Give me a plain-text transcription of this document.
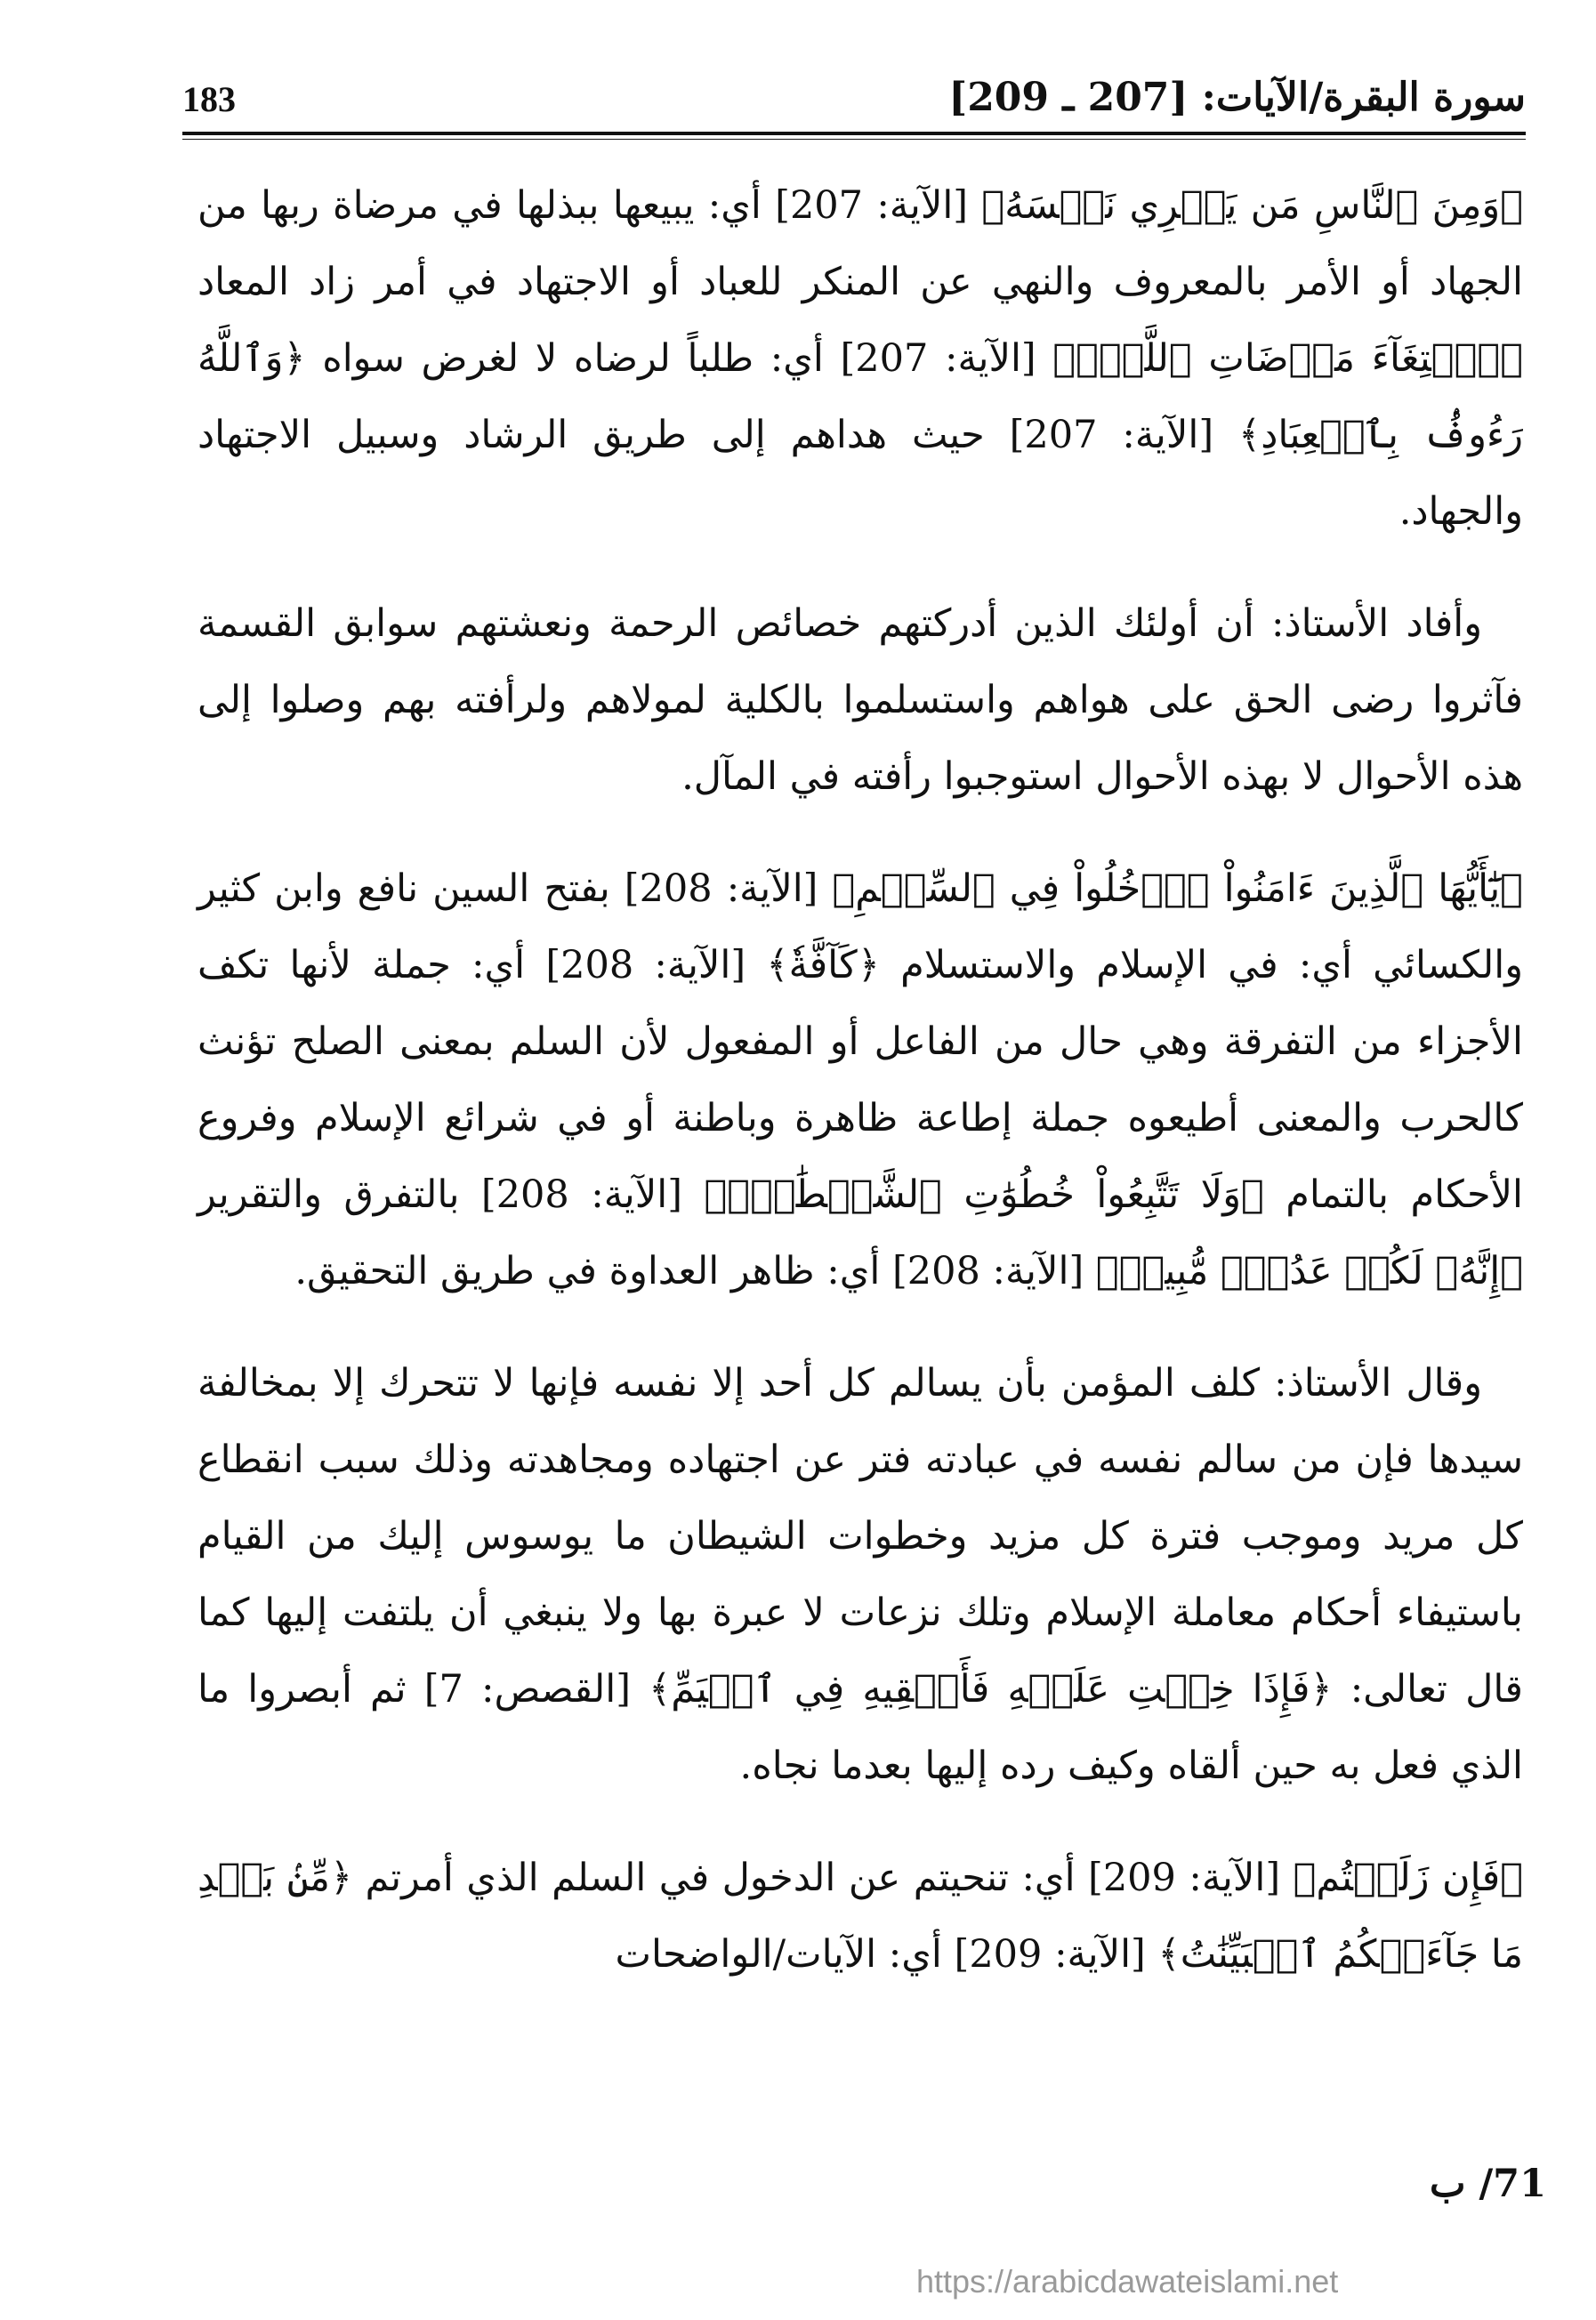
سورة البقرة/الآيات: [207 ـ 209]
183

﴿وَمِنَ ٱلنَّاسِ مَن يَشۡرِي نَفۡسَهُ﴾ [الآية: 207] أي: يبيعها ببذلها في مرضاة ربها من الجهاد أو الأمر بالمعروف والنهي عن المنكر للعباد أو الاجتهاد في أمر زاد المعاد ﴿ٱبۡتِغَآءَ مَرۡضَاتِ ٱللَّهِۚ﴾ [الآية: 207] أي: طلباً لرضاه لا لغرض سواه ﴿وَٱللَّهُ رَءُوفُۢ بِٱلۡعِبَادِ﴾ [الآية: 207] حيث هداهم إلى طريق الرشاد وسبيل الاجتهاد والجهاد.

وأفاد الأستاذ: أن أولئك الذين أدركتهم خصائص الرحمة ونعشتهم سوابق القسمة فآثروا رضى الحق على هواهم واستسلموا بالكلية لمولاهم ولرأفته بهم وصلوا إلى هذه الأحوال لا بهذه الأحوال استوجبوا رأفته في المآل.

﴿يَٰٓأَيُّهَا ٱلَّذِينَ ءَامَنُواْ ٱدۡخُلُواْ فِي ٱلسِّلۡمِ﴾ [الآية: 208] بفتح السين نافع وابن كثير والكسائي أي: في الإسلام والاستسلام ﴿كَآفَّةٗ﴾ [الآية: 208] أي: جملة لأنها تكف الأجزاء من التفرقة وهي حال من الفاعل أو المفعول لأن السلم بمعنى الصلح تؤنث كالحرب والمعنى أطيعوه جملة إطاعة ظاهرة وباطنة أو في شرائع الإسلام وفروع الأحكام بالتمام ﴿وَلَا تَتَّبِعُواْ خُطُوَٰتِ ٱلشَّيۡطَٰنِۚ﴾ [الآية: 208] بالتفرق والتقرير ﴿إِنَّهُۥ لَكُمۡ عَدُوّٞ مُّبِينٞ﴾ [الآية: 208] أي: ظاهر العداوة في طريق التحقيق.

وقال الأستاذ: كلف المؤمن بأن يسالم كل أحد إلا نفسه فإنها لا تتحرك إلا بمخالفة سيدها فإن من سالم نفسه في عبادته فتر عن اجتهاده ومجاهدته وذلك سبب انقطاع كل مريد وموجب فترة كل مزيد وخطوات الشيطان ما يوسوس إليك من القيام باستيفاء أحكام معاملة الإسلام وتلك نزعات لا عبرة بها ولا ينبغي أن يلتفت إليها كما قال تعالى: ﴿فَإِذَا خِفۡتِ عَلَيۡهِ فَأَلۡقِيهِ فِي ٱلۡيَمِّ﴾ [القصص: 7] ثم أبصروا ما الذي فعل به حين ألقاه وكيف رده إليها بعدما نجاه.

﴿فَإِن زَلَلۡتُم﴾ [الآية: 209] أي: تنحيتم عن الدخول في السلم الذي أمرتم ﴿مِّنۢ بَعۡدِ مَا جَآءَتۡكُمُ ٱلۡبَيِّنَٰتُ﴾ [الآية: 209] أي: الآيات/الواضحات

71/ ب
https://arabicdawateislami.net
